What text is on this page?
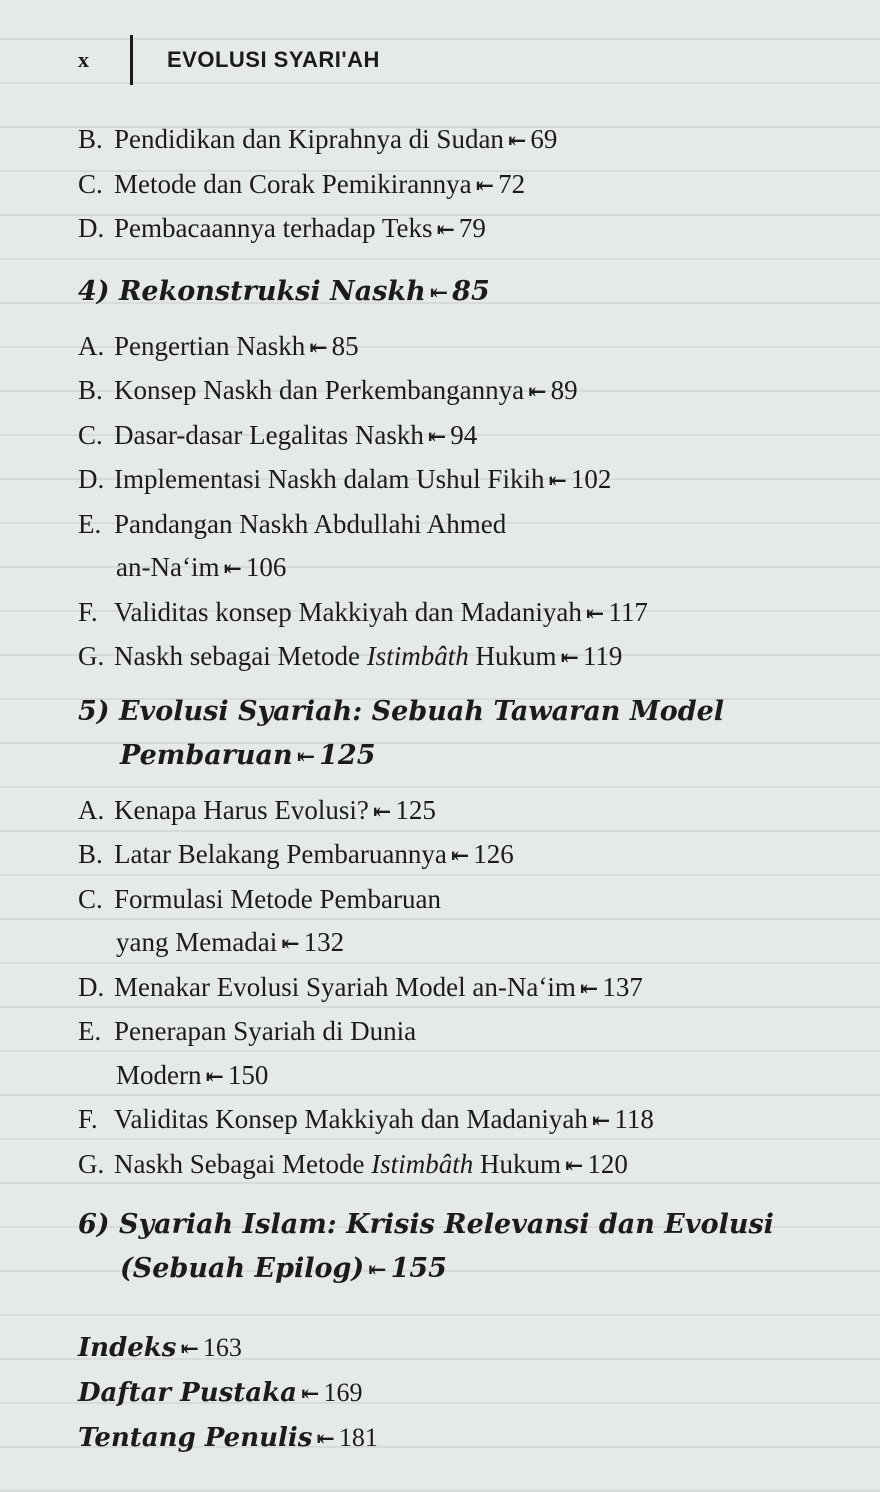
x	EVOLUSI SYARI'AH
B. Pendidikan dan Kiprahnya di Sudan ⇤ 69
C. Metode dan Corak Pemikirannya ⇤ 72
D. Pembacaannya terhadap Teks ⇤ 79
4) Rekonstruksi Naskh ⇤ 85
A. Pengertian Naskh ⇤ 85
B. Konsep Naskh dan Perkembangannya ⇤ 89
C. Dasar-dasar Legalitas Naskh ⇤ 94
D. Implementasi Naskh dalam Ushul Fikih ⇤ 102
E. Pandangan Naskh Abdullahi Ahmed
an-Na‘im ⇤ 106
F. Validitas konsep Makkiyah dan Madaniyah ⇤ 117
G. Naskh sebagai Metode Istimbâth Hukum ⇤ 119
5) Evolusi Syariah: Sebuah Tawaran Model
Pembaruan ⇤ 125
A. Kenapa Harus Evolusi? ⇤ 125
B. Latar Belakang Pembaruannya ⇤ 126
C. Formulasi Metode Pembaruan
yang Memadai ⇤ 132
D. Menakar Evolusi Syariah Model an-Na‘im ⇤ 137
E. Penerapan Syariah di Dunia
Modern ⇤ 150
F. Validitas Konsep Makkiyah dan Madaniyah ⇤ 118
G. Naskh Sebagai Metode Istimbâth Hukum ⇤ 120
6) Syariah Islam: Krisis Relevansi dan Evolusi
(Sebuah Epilog) ⇤ 155
Indeks ⇤ 163
Daftar Pustaka ⇤ 169
Tentang Penulis ⇤ 181
